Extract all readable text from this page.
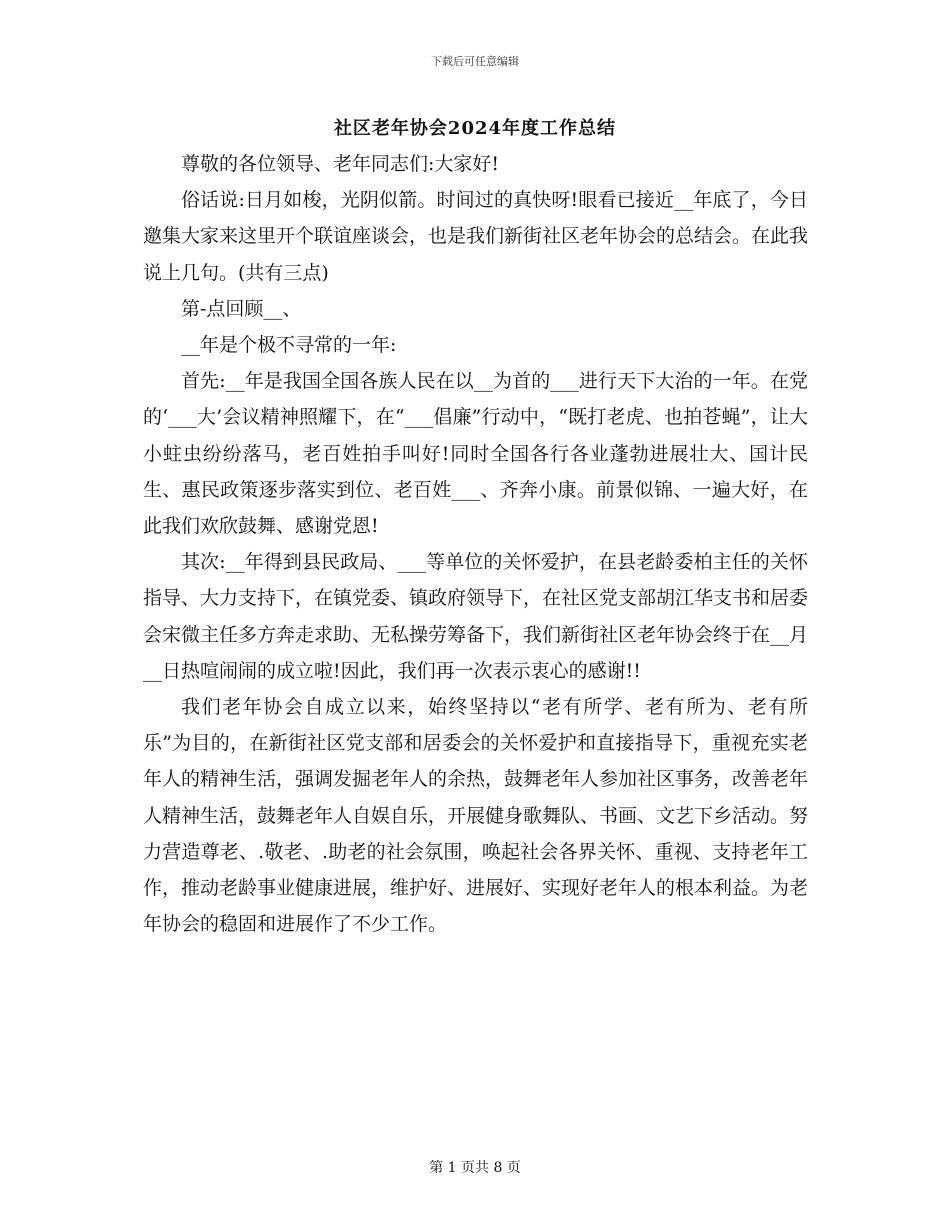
下载后可任意编辑
社区老年协会2024年度工作总结

尊敬的各位领导、老年同志们:大家好!

俗话说:日月如梭，光阴似箭。时间过的真快呀!眼看已接近__年底了，今日邀集大家来这里开个联谊座谈会，也是我们新街社区老年协会的总结会。在此我说上几句。(共有三点)

第-点回顾__、

__年是个极不寻常的一年:

首先:__年是我国全国各族人民在以__为首的___进行天下大治的一年。在党的‘___大’会议精神照耀下，在“___倡廉”行动中，“既打老虎、也拍苍蝇”，让大小蛀虫纷纷落马，老百姓拍手叫好!同时全国各行各业蓬勃进展壮大、国计民生、惠民政策逐步落实到位、老百姓___、齐奔小康。前景似锦、一遍大好，在此我们欢欣鼓舞、感谢党恩!

其次:__年得到县民政局、___等单位的关怀爱护，在县老龄委柏主任的关怀指导、大力支持下，在镇党委、镇政府领导下，在社区党支部胡江华支书和居委会宋微主任多方奔走求助、无私操劳筹备下，我们新街社区老年协会终于在__月__日热喧闹闹的成立啦!因此，我们再一次表示衷心的感谢!!

我们老年协会自成立以来，始终坚持以“老有所学、老有所为、老有所乐”为目的，在新街社区党支部和居委会的关怀爱护和直接指导下，重视充实老年人的精神生活，强调发掘老年人的余热，鼓舞老年人参加社区事务，改善老年人精神生活，鼓舞老年人自娱自乐，开展健身歌舞队、书画、文艺下乡活动。努力营造尊老、.敬老、.助老的社会氛围，唤起社会各界关怀、重视、支持老年工作，推动老龄事业健康进展，维护好、进展好、实现好老年人的根本利益。为老年协会的稳固和进展作了不少工作。

第 1 页共 8 页
